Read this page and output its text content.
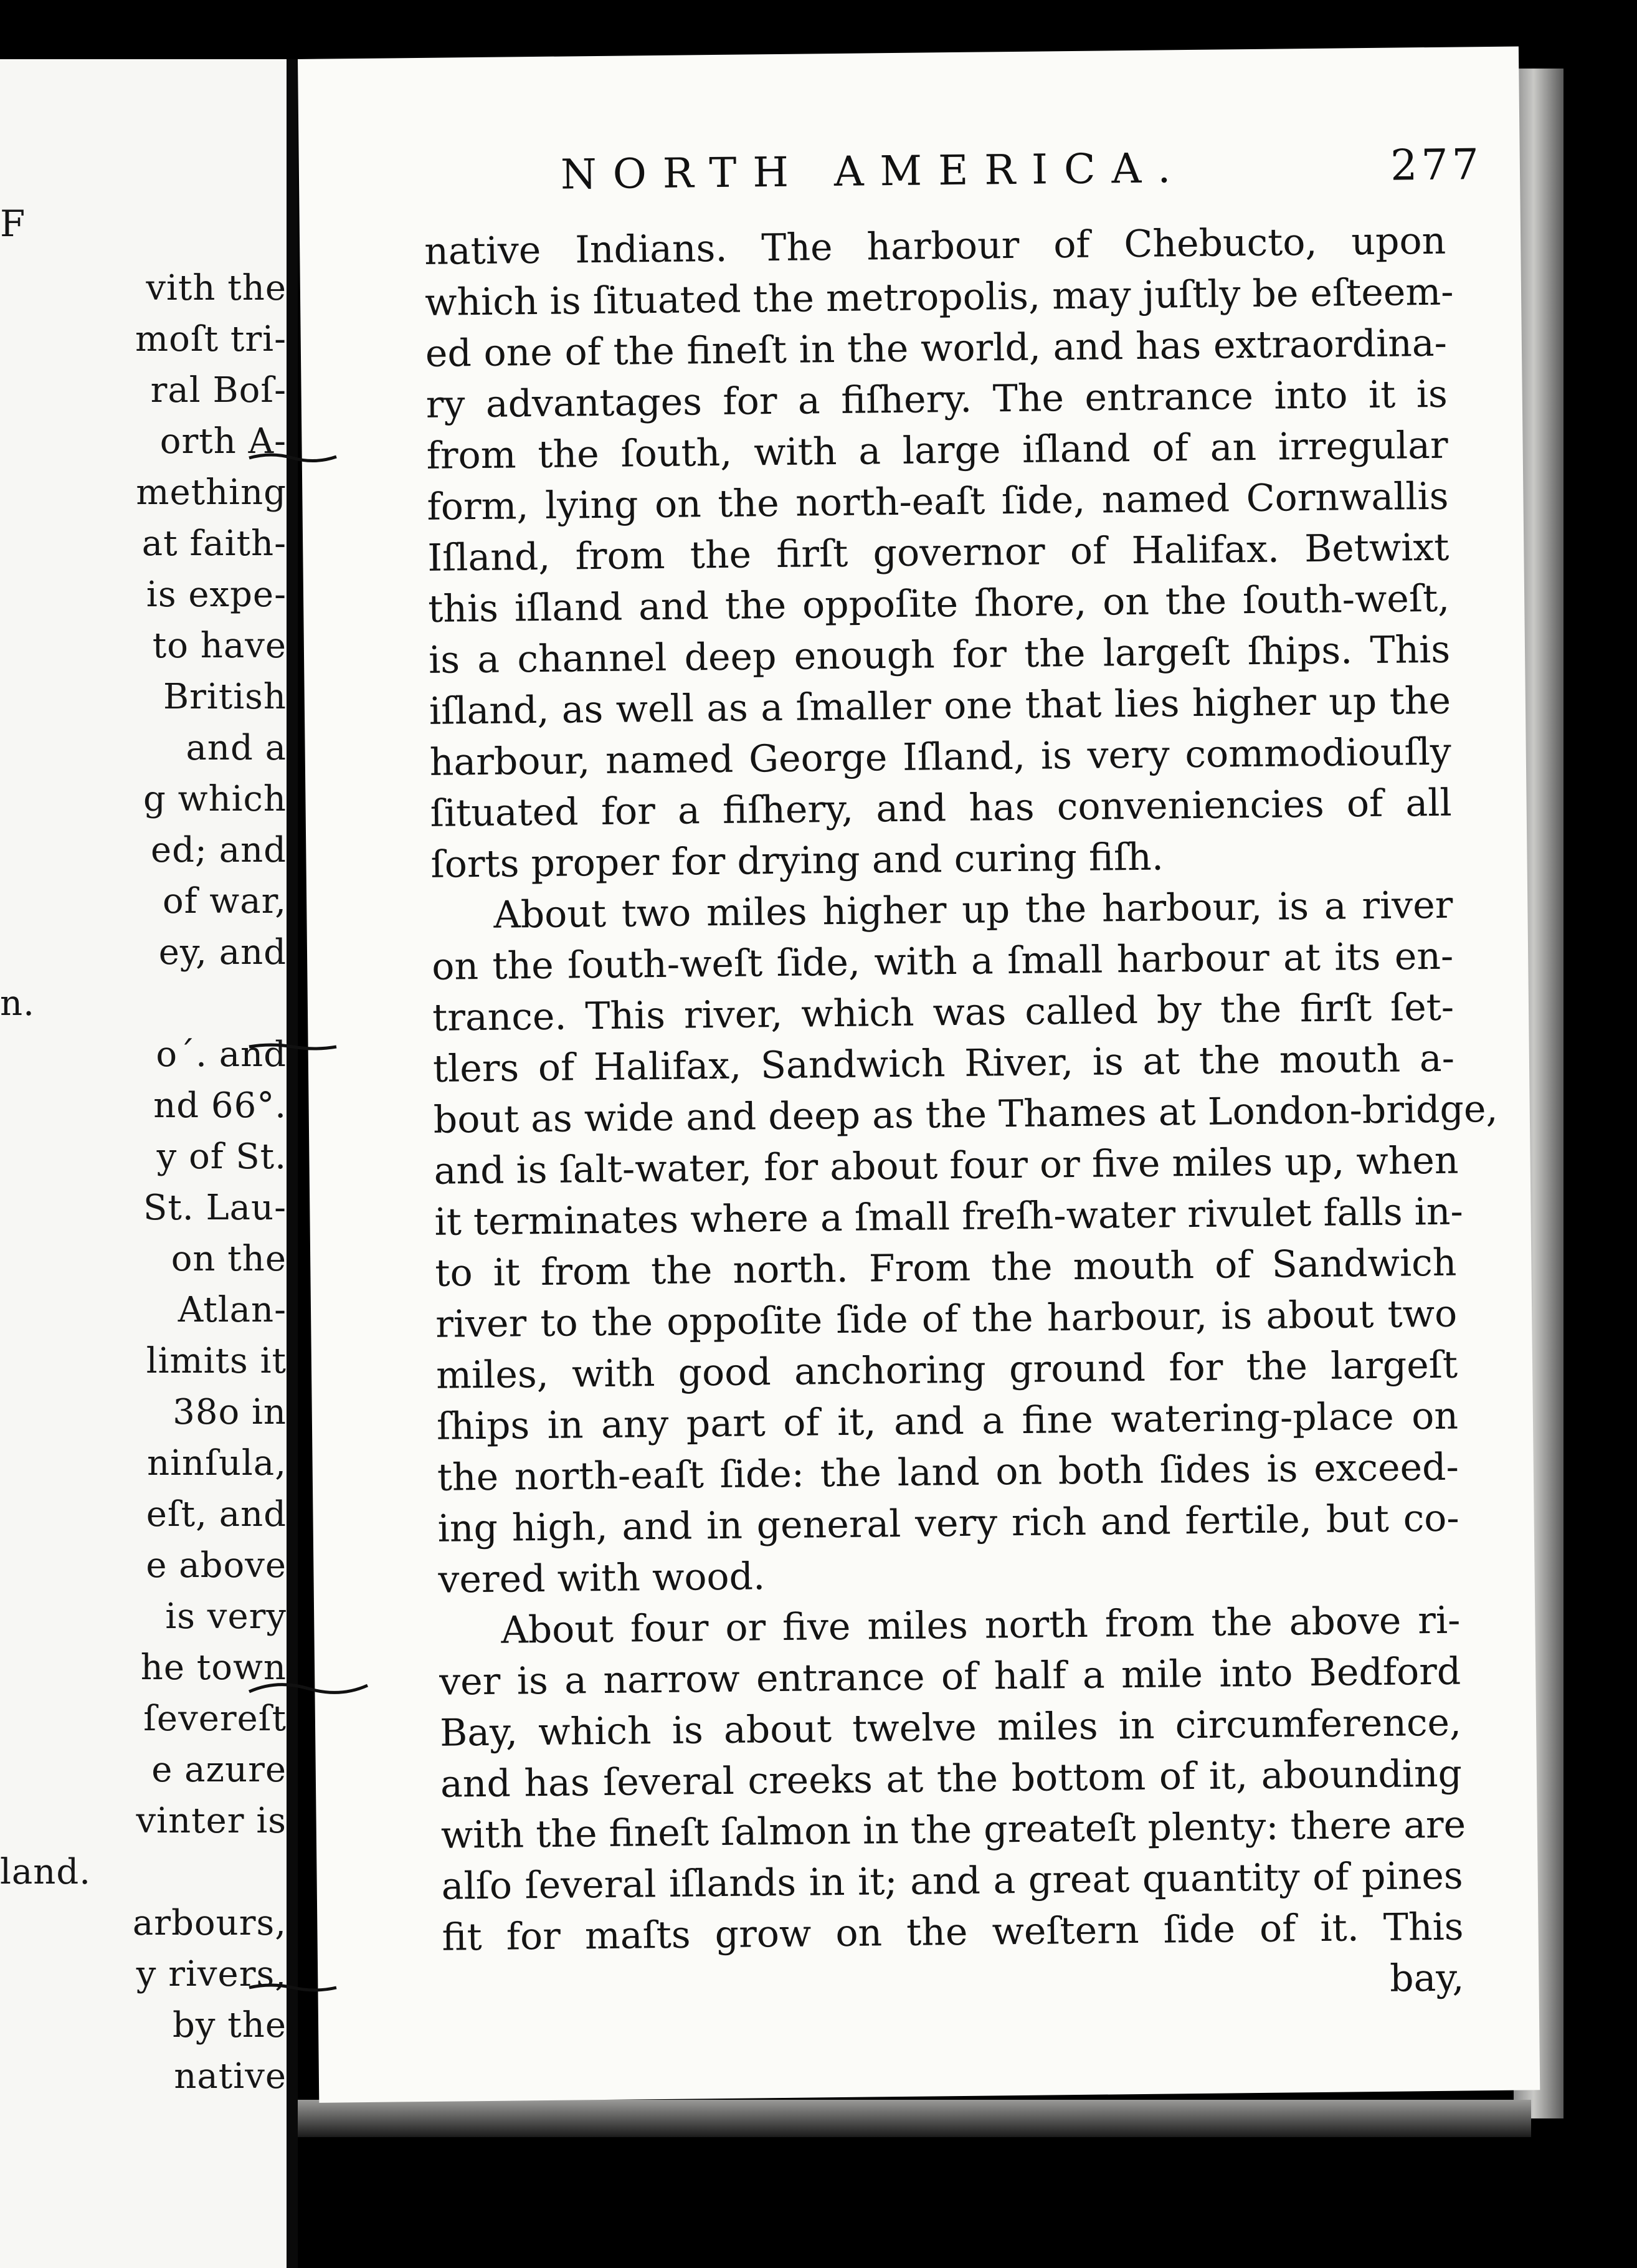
F
vith the
moſt tri-
ral Boſ-
orth A-
mething
at faith-
is expe-
to have
British
and a
g which
ed; and
of war,
ey, and
n.
o´. and
nd 66°.
y of St.
St. Lau-
on the
Atlan-
limits it
38o in
ninſula,
eſt, and
e above
is very
he town
ſevereſt
e azure
vinter is
land.
arbours,
y rivers,
by the
native
NORTH AMERICA.	277
native Indians. The harbour of Chebucto, upon
which is ſituated the metropolis, may juſtly be eſteem-
ed one of the fineſt in the world, and has extraordina-
ry advantages for a fiſhery. The entrance into it is
from the ſouth, with a large iſland of an irregular
form, lying on the north-eaſt ſide, named Cornwallis
Iſland, from the firſt governor of Halifax. Betwixt
this iſland and the oppoſite ſhore, on the ſouth-weſt,
is a channel deep enough for the largeſt ſhips. This
iſland, as well as a ſmaller one that lies higher up the
harbour, named George Iſland, is very commodiouſly
ſituated for a fiſhery, and has conveniencies of all
ſorts proper for drying and curing fiſh.
About two miles higher up the harbour, is a river
on the ſouth-weſt ſide, with a ſmall harbour at its en-
trance. This river, which was called by the firſt ſet-
tlers of Halifax, Sandwich River, is at the mouth a-
bout as wide and deep as the Thames at London-bridge,
and is ſalt-water, for about four or five miles up, when
it terminates where a ſmall freſh-water rivulet falls in-
to it from the north. From the mouth of Sandwich
river to the oppoſite ſide of the harbour, is about two
miles, with good anchoring ground for the largeſt
ſhips in any part of it, and a fine watering-place on
the north-eaſt ſide: the land on both ſides is exceed-
ing high, and in general very rich and fertile, but co-
vered with wood.
About four or five miles north from the above ri-
ver is a narrow entrance of half a mile into Bedford
Bay, which is about twelve miles in circumference,
and has ſeveral creeks at the bottom of it, abounding
with the fineſt ſalmon in the greateſt plenty: there are
alſo ſeveral iſlands in it; and a great quantity of pines
fit for maſts grow on the weſtern ſide of it. This
bay,
